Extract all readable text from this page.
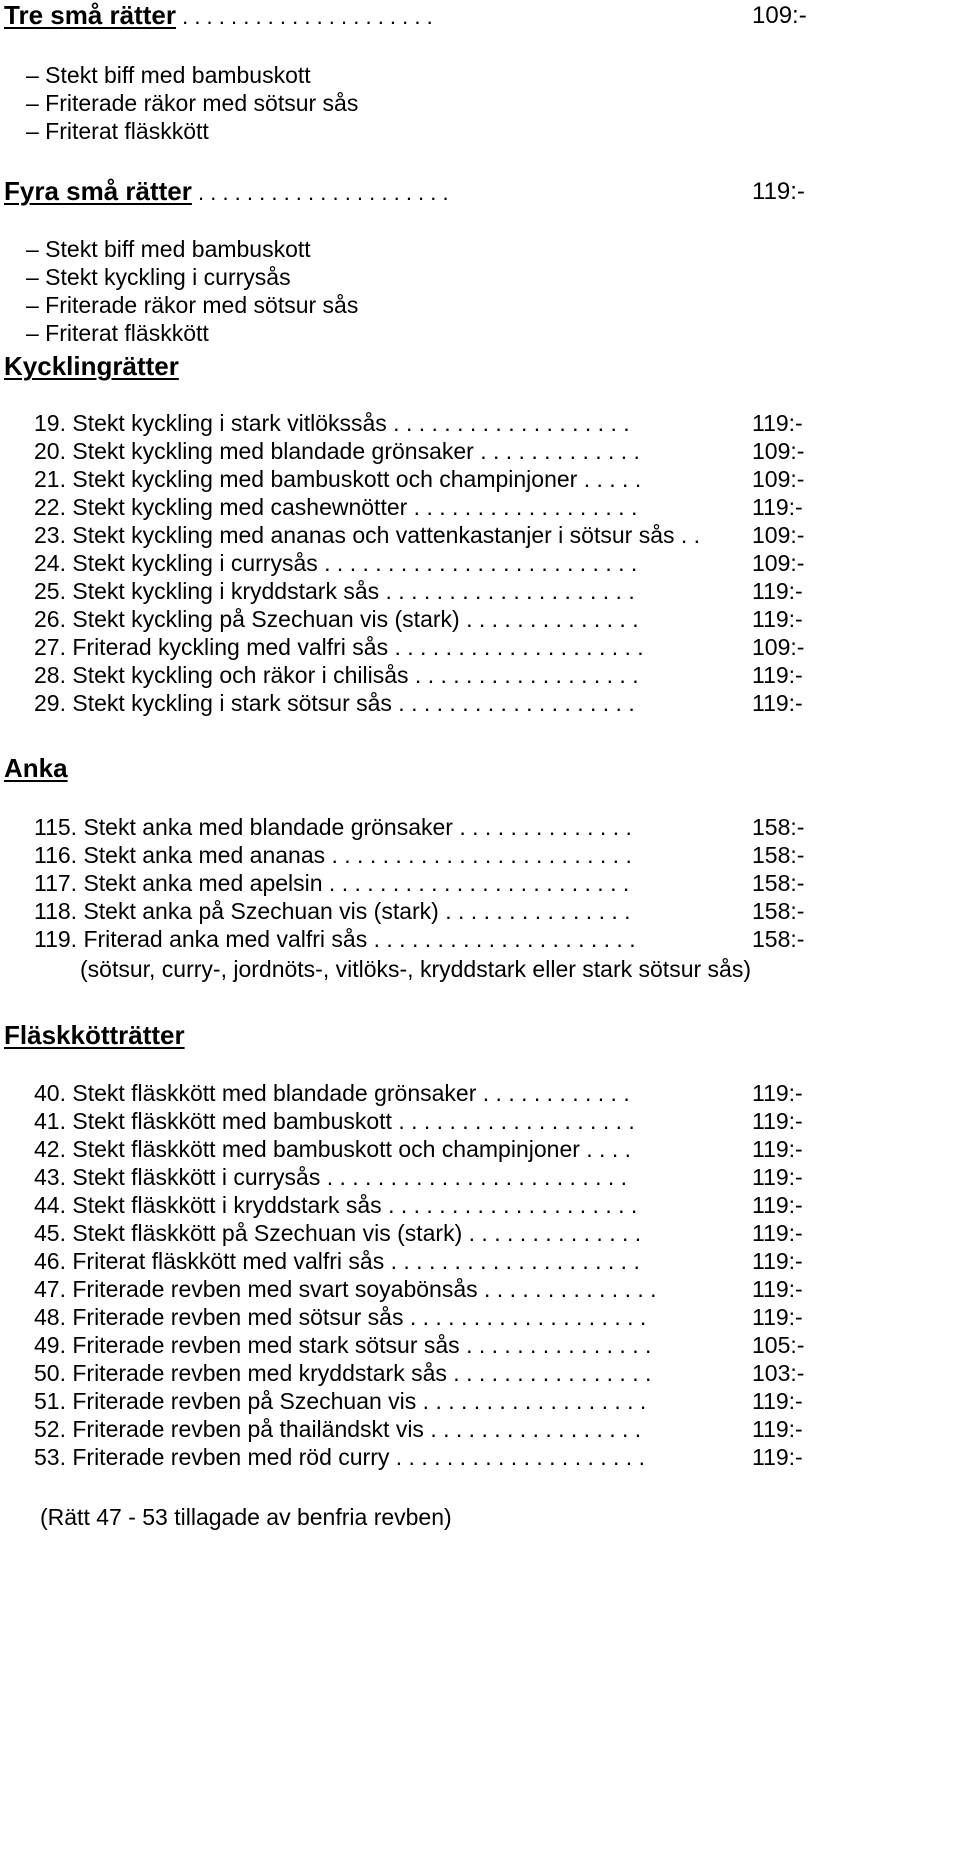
Tre små rätter . . . . . . . . . . . . . . . . . . . . .	109:-
– Stekt biff med bambuskott
– Friterade räkor med sötsur sås
– Friterat fläskkött
Fyra små rätter . . . . . . . . . . . . . . . . . . . . .	119:-
– Stekt biff med bambuskott
– Stekt kyckling i currysås
– Friterade räkor med sötsur sås
– Friterat fläskkött
Kycklingrätter
19. Stekt kyckling i stark vitlökssås . . . . . . . . . . . . . . . . . . .	119:-
20. Stekt kyckling med blandade grönsaker . . . . . . . . . . . . .	109:-
21. Stekt kyckling med bambuskott och champinjoner . . . . .	109:-
22. Stekt kyckling med cashewnötter . . . . . . . . . . . . . . . . . .	119:-
23. Stekt kyckling med ananas och vattenkastanjer i sötsur sås . . 109:-
24. Stekt kyckling i currysås . . . . . . . . . . . . . . . . . . . . . . . . .	109:-
25. Stekt kyckling i kryddstark sås . . . . . . . . . . . . . . . . . . . .	119:-
26. Stekt kyckling på Szechuan vis (stark) . . . . . . . . . . . . . .	119:-
27. Friterad kyckling med valfri sås . . . . . . . . . . . . . . . . . . . .	109:-
28. Stekt kyckling och räkor i chilisås . . . . . . . . . . . . . . . . . .	119:-
29. Stekt kyckling i stark sötsur sås . . . . . . . . . . . . . . . . . . .	119:-
Anka
115. Stekt anka med blandade grönsaker . . . . . . . . . . . . . .	158:-
116. Stekt anka med ananas . . . . . . . . . . . . . . . . . . . . . . . .	158:-
117. Stekt anka med apelsin . . . . . . . . . . . . . . . . . . . . . . . .	158:-
118. Stekt anka på Szechuan vis (stark) . . . . . . . . . . . . . . .	158:-
119. Friterad anka med valfri sås . . . . . . . . . . . . . . . . . . . . .	158:-
(sötsur, curry-, jordnöts-, vitlöks-, kryddstark eller stark sötsur sås)
Fläskkötträtter
40. Stekt fläskkött med blandade grönsaker . . . . . . . . . . . .	119:-
41. Stekt fläskkött med bambuskott . . . . . . . . . . . . . . . . . . .	119:-
42. Stekt fläskkött med bambuskott och champinjoner . . . .	119:-
43. Stekt fläskkött i currysås . . . . . . . . . . . . . . . . . . . . . . . .	119:-
44. Stekt fläskkött i kryddstark sås . . . . . . . . . . . . . . . . . . . .	119:-
45. Stekt fläskkött på Szechuan vis (stark) . . . . . . . . . . . . . .	119:-
46. Friterat fläskkött med valfri sås . . . . . . . . . . . . . . . . . . . .	119:-
47. Friterade revben med svart soyabönsås . . . . . . . . . . . . . .	119:-
48. Friterade revben med sötsur sås . . . . . . . . . . . . . . . . . . .	119:-
49. Friterade revben med stark sötsur sås . . . . . . . . . . . . . . .	105:-
50. Friterade revben med kryddstark sås . . . . . . . . . . . . . . . .	103:-
51. Friterade revben på Szechuan vis . . . . . . . . . . . . . . . . . .	119:-
52. Friterade revben på thailändskt vis . . . . . . . . . . . . . . . . .	119:-
53. Friterade revben med röd curry . . . . . . . . . . . . . . . . . . . .	119:-
(Rätt 47 - 53 tillagade av benfria revben)
